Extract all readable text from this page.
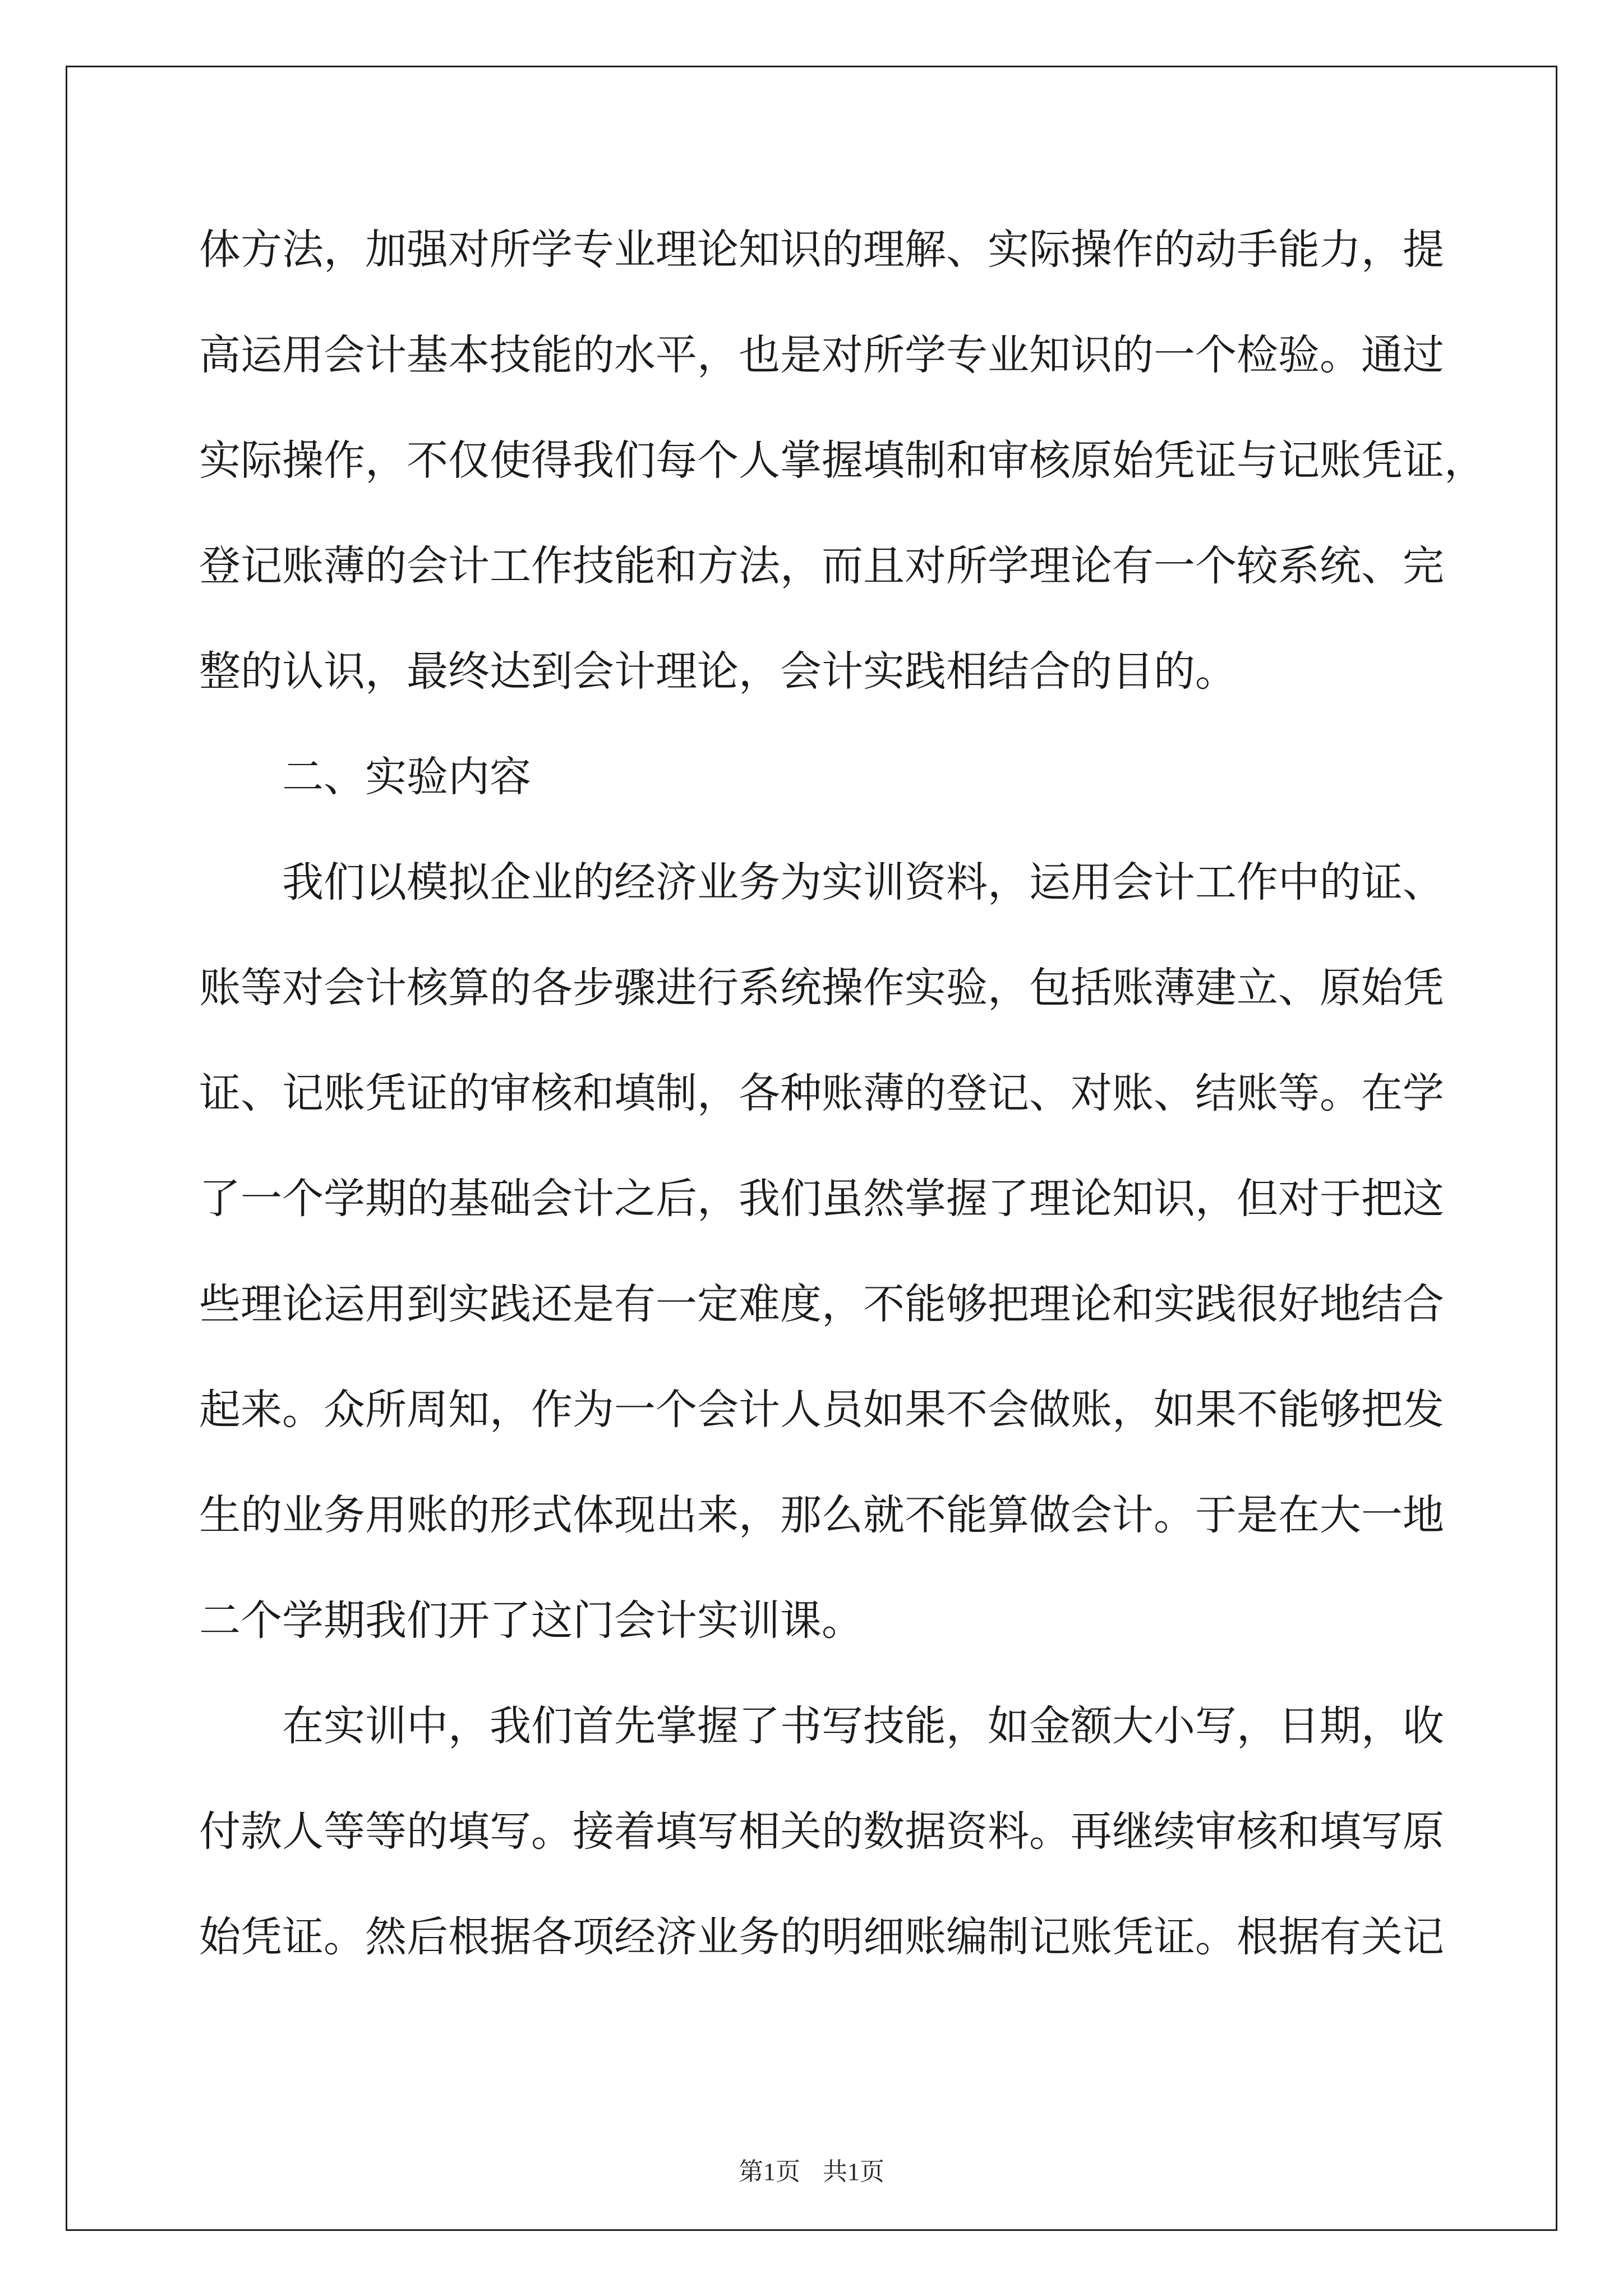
体方法，加强对所学专业理论知识的理解、实际操作的动手能力，提
高运用会计基本技能的水平，也是对所学专业知识的一个检验。通过
实际操作，不仅使得我们每个人掌握填制和审核原始凭证与记账凭证，
登记账薄的会计工作技能和方法，而且对所学理论有一个较系统、完
整的认识，最终达到会计理论，会计实践相结合的目的。
二、实验内容
我们以模拟企业的经济业务为实训资料，运用会计工作中的证、
账等对会计核算的各步骤进行系统操作实验，包括账薄建立、原始凭
证、记账凭证的审核和填制，各种账薄的登记、对账、结账等。在学
了一个学期的基础会计之后，我们虽然掌握了理论知识，但对于把这
些理论运用到实践还是有一定难度，不能够把理论和实践很好地结合
起来。众所周知，作为一个会计人员如果不会做账，如果不能够把发
生的业务用账的形式体现出来，那么就不能算做会计。于是在大一地
二个学期我们开了这门会计实训课。
在实训中，我们首先掌握了书写技能，如金额大小写，日期，收
付款人等等的填写。接着填写相关的数据资料。再继续审核和填写原
始凭证。然后根据各项经济业务的明细账编制记账凭证。根据有关记
第1页 共1页
